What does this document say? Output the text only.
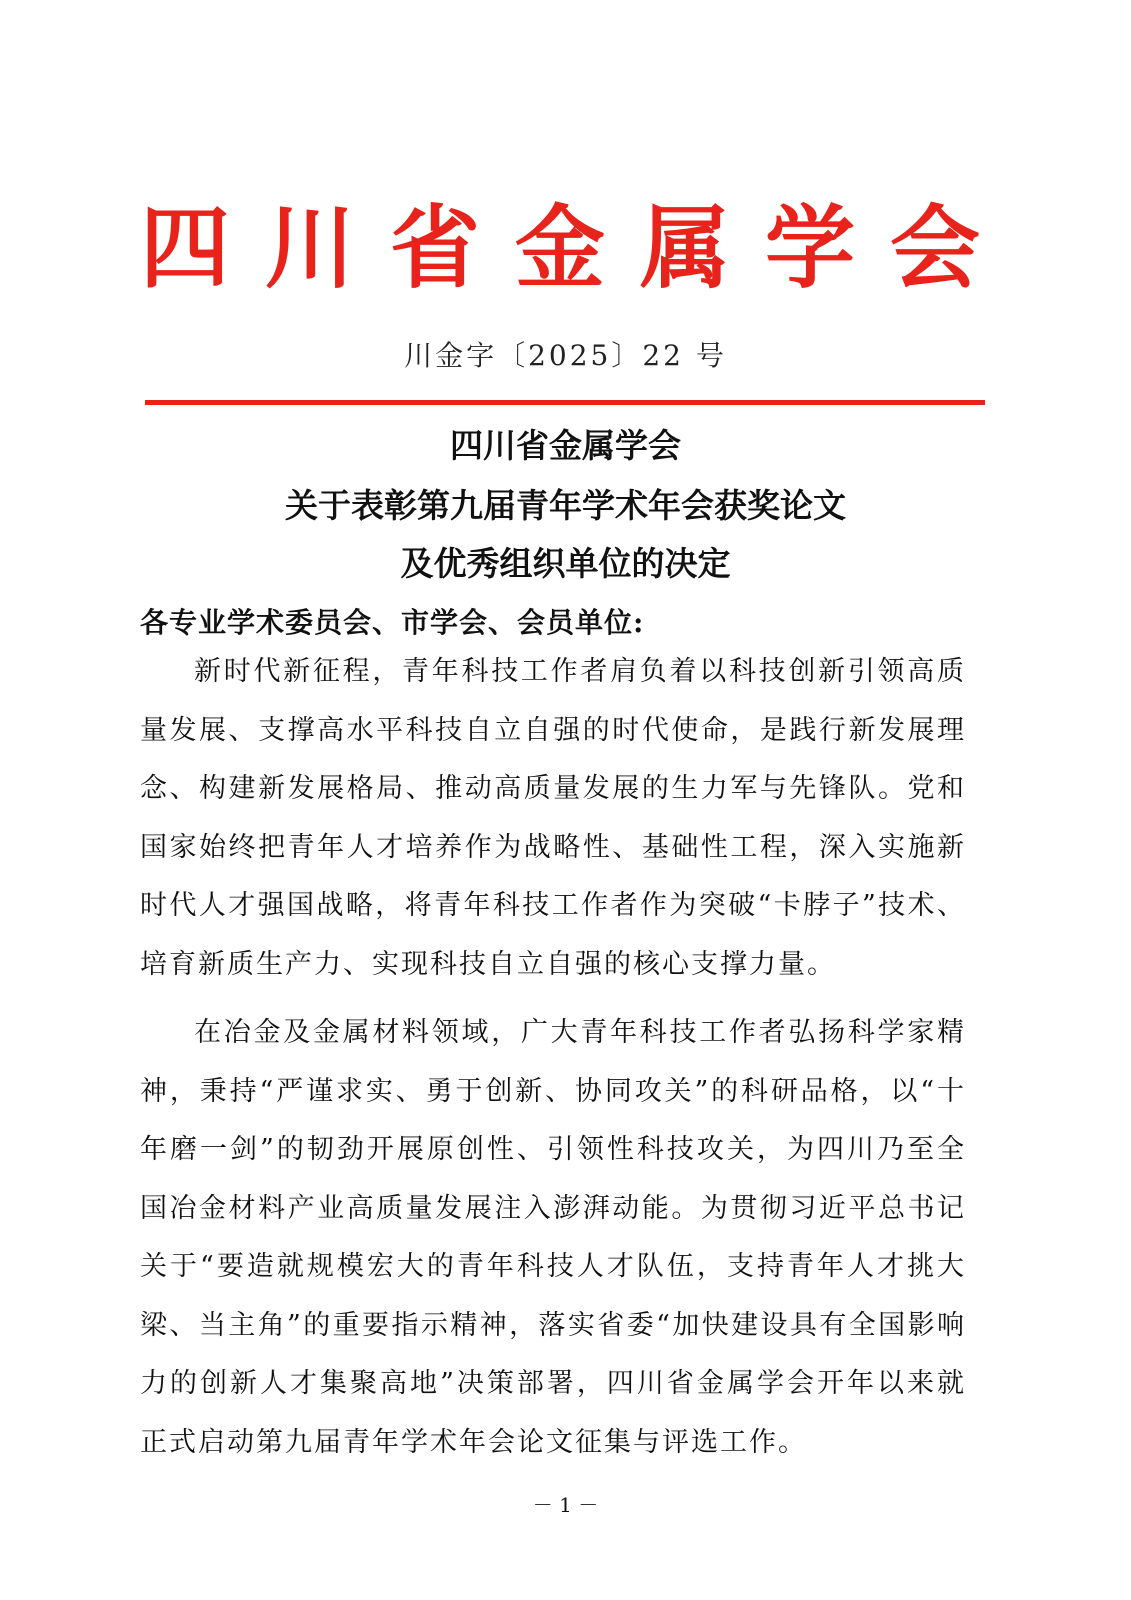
四 川 省 金 属 学 会
川金字〔2025〕22 号
四川省金属学会
关于表彰第九届青年学术年会获奖论文
及优秀组织单位的决定
各专业学术委员会、市学会、会员单位:

新时代新征程，青年科技工作者肩负着以科技创新引领高质量发展、支撑高水平科技自立自强的时代使命，是践行新发展理念、构建新发展格局、推动高质量发展的生力军与先锋队。党和国家始终把青年人才培养作为战略性、基础性工程，深入实施新时代人才强国战略，将青年科技工作者作为突破“卡脖子”技术、培育新质生产力、实现科技自立自强的核心支撑力量。

在冶金及金属材料领域，广大青年科技工作者弘扬科学家精神，秉持“严谨求实、勇于创新、协同攻关”的科研品格，以“十年磨一剑”的韧劲开展原创性、引领性科技攻关，为四川乃至全国冶金材料产业高质量发展注入澎湃动能。为贯彻习近平总书记关于“要造就规模宏大的青年科技人才队伍，支持青年人才挑大梁、当主角”的重要指示精神，落实省委“加快建设具有全国影响力的创新人才集聚高地”决策部署，四川省金属学会开年以来就正式启动第九届青年学术年会论文征集与评选工作。

－ 1 －
